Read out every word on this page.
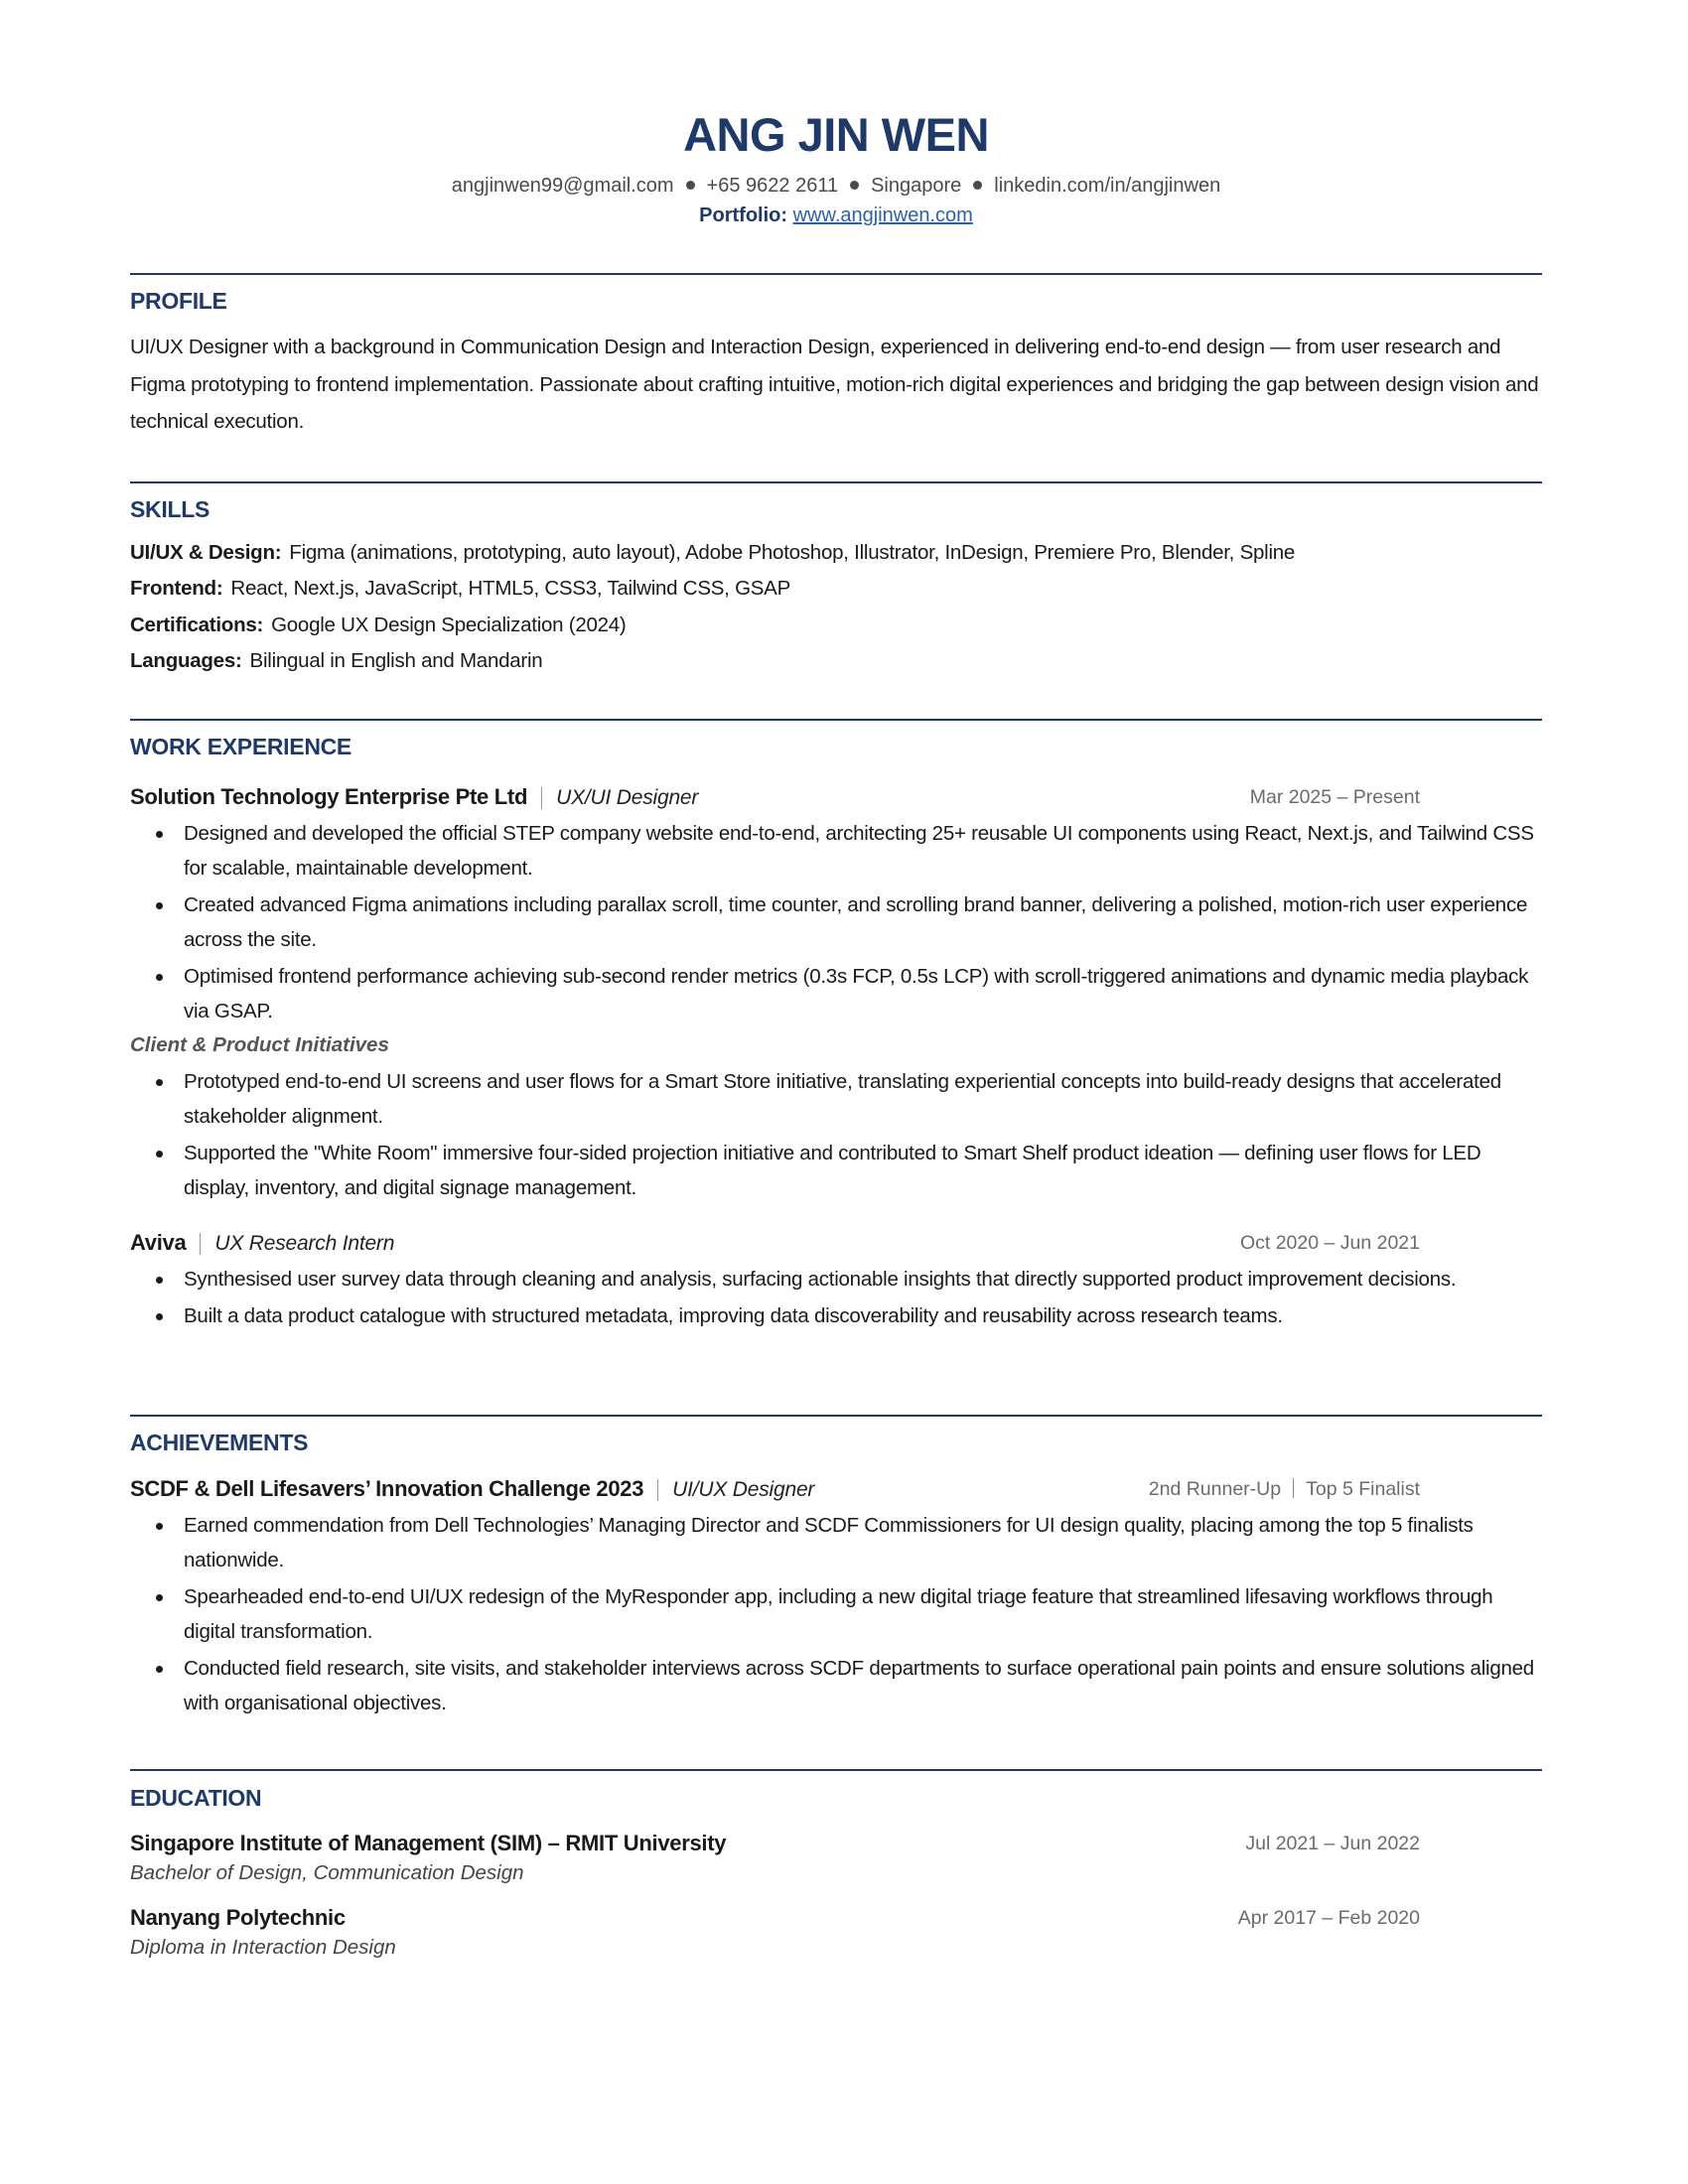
ANG JIN WEN
angjinwen99@gmail.com +65 9622 2611 Singapore linkedin.com/in/angjinwen
Portfolio: www.angjinwen.com
PROFILE
UI/UX Designer with a background in Communication Design and Interaction Design, experienced in delivering end-to-end design — from user research and Figma prototyping to frontend implementation. Passionate about crafting intuitive, motion-rich digital experiences and bridging the gap between design vision and technical execution.
SKILLS
UI/UX & Design: Figma (animations, prototyping, auto layout), Adobe Photoshop, Illustrator, InDesign, Premiere Pro, Blender, Spline
Frontend: React, Next.js, JavaScript, HTML5, CSS3, Tailwind CSS, GSAP
Certifications: Google UX Design Specialization (2024)
Languages: Bilingual in English and Mandarin
WORK EXPERIENCE
Solution Technology Enterprise Pte Ltd UX/UI Designer	Mar 2025 – Present
Designed and developed the official STEP company website end-to-end, architecting 25+ reusable UI components using React, Next.js, and Tailwind CSS for scalable, maintainable development.
Created advanced Figma animations including parallax scroll, time counter, and scrolling brand banner, delivering a polished, motion-rich user experience across the site.
Optimised frontend performance achieving sub-second render metrics (0.3s FCP, 0.5s LCP) with scroll-triggered animations and dynamic media playback via GSAP.
Client & Product Initiatives
Prototyped end-to-end UI screens and user flows for a Smart Store initiative, translating experiential concepts into build-ready designs that accelerated stakeholder alignment.
Supported the "White Room" immersive four-sided projection initiative and contributed to Smart Shelf product ideation — defining user flows for LED display, inventory, and digital signage management.
Aviva UX Research Intern	Oct 2020 – Jun 2021
Synthesised user survey data through cleaning and analysis, surfacing actionable insights that directly supported product improvement decisions.
Built a data product catalogue with structured metadata, improving data discoverability and reusability across research teams.
ACHIEVEMENTS
SCDF & Dell Lifesavers’ Innovation Challenge 2023 UI/UX Designer	2nd Runner-Up Top 5 Finalist
Earned commendation from Dell Technologies’ Managing Director and SCDF Commissioners for UI design quality, placing among the top 5 finalists nationwide.
Spearheaded end-to-end UI/UX redesign of the MyResponder app, including a new digital triage feature that streamlined lifesaving workflows through digital transformation.
Conducted field research, site visits, and stakeholder interviews across SCDF departments to surface operational pain points and ensure solutions aligned with organisational objectives.
EDUCATION
Singapore Institute of Management (SIM) – RMIT University	Jul 2021 – Jun 2022
Bachelor of Design, Communication Design
Nanyang Polytechnic	Apr 2017 – Feb 2020
Diploma in Interaction Design
